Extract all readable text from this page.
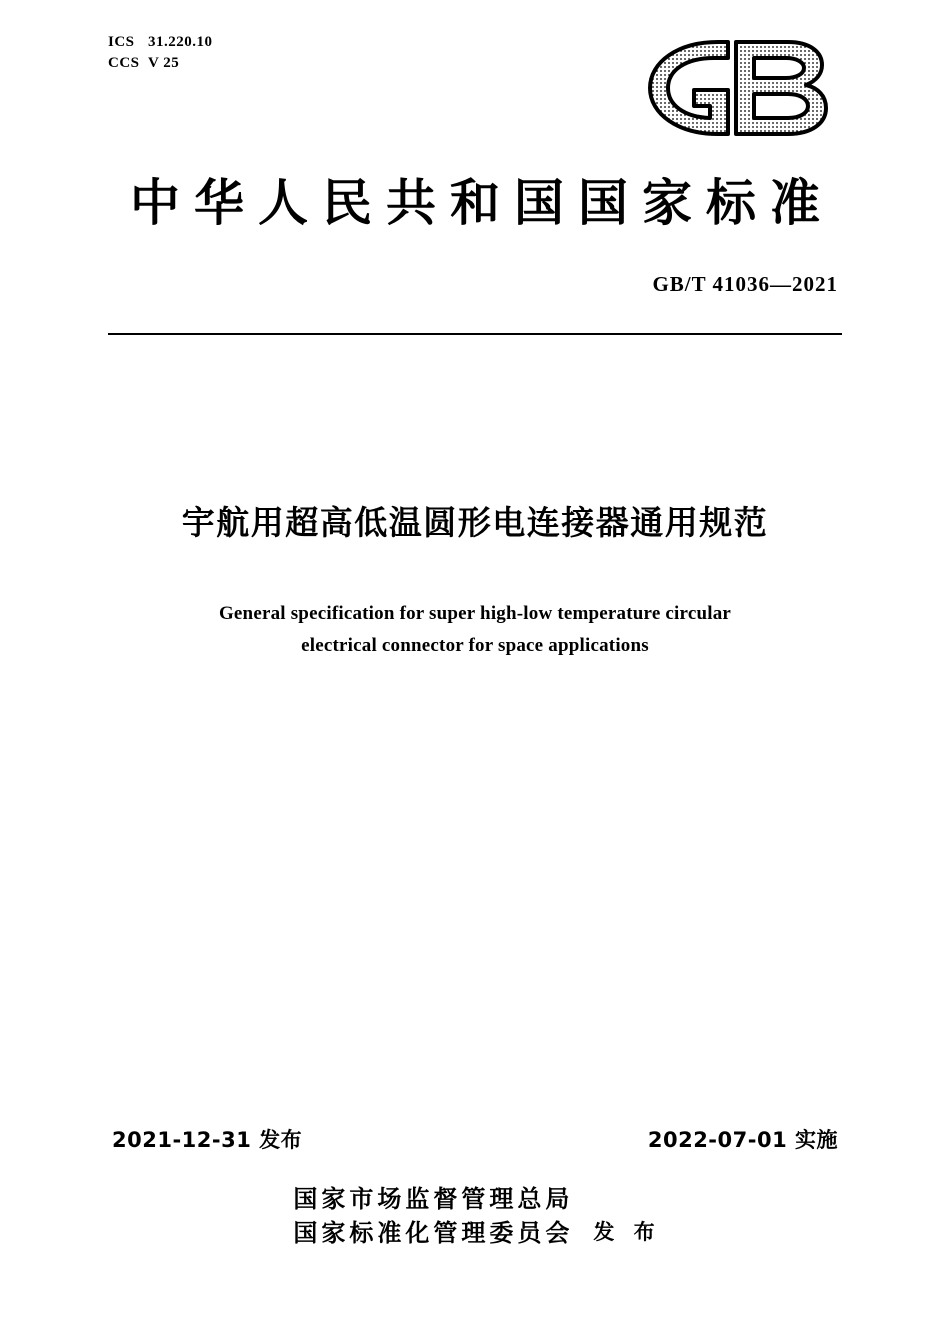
ICS 31.220.10
CCS V 25
中华人民共和国国家标准
GB/T 41036—2021
宇航用超高低温圆形电连接器通用规范
General specification for super high-low temperature circular
electrical connector for space applications
2021-12-31 发布	2022-07-01 实施
国家市场监督管理总局
国家标准化管理委员会 发 布
